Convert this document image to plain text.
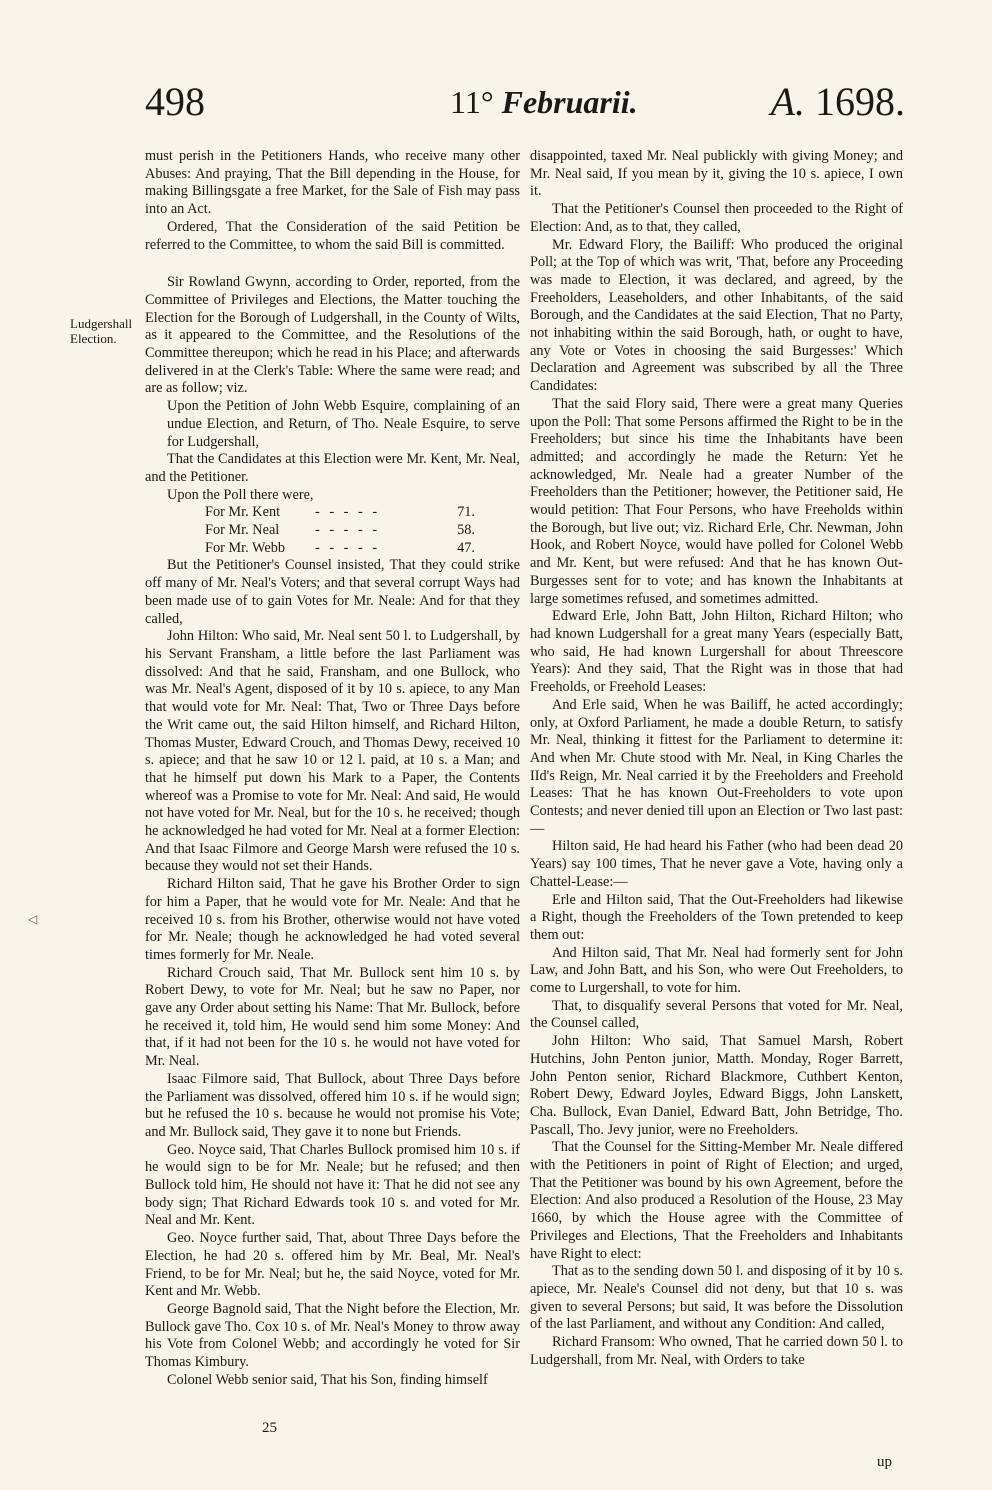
498	11° Februarii.	A. 1698.
Ludgershall Election.
◁

must perish in the Petitioners Hands, who receive many other Abuses: And praying, That the Bill depending in the House, for making Billingsgate a free Market, for the Sale of Fish may pass into an Act.

Ordered, That the Consideration of the said Petition be referred to the Committee, to whom the said Bill is committed.

Sir Rowland Gwynn, according to Order, reported, from the Committee of Privileges and Elections, the Matter touching the Election for the Borough of Ludgershall, in the County of Wilts, as it appeared to the Committee, and the Resolutions of the Committee thereupon; which he read in his Place; and afterwards delivered in at the Clerk's Table: Where the same were read; and are as follow; viz.

Upon the Petition of John Webb Esquire, complaining of an undue Election, and Return, of Tho. Neale Esquire, to serve for Ludgershall,

That the Candidates at this Election were Mr. Kent, Mr. Neal, and the Petitioner.

Upon the Poll there were,

For Mr. Kent	- - - - -	71.
For Mr. Neal	- - - - -	58.
For Mr. Webb	- - - - -	47.

But the Petitioner's Counsel insisted, That they could strike off many of Mr. Neal's Voters; and that several corrupt Ways had been made use of to gain Votes for Mr. Neale: And for that they called,

John Hilton: Who said, Mr. Neal sent 50 l. to Ludgershall, by his Servant Fransham, a little before the last Parliament was dissolved: And that he said, Fransham, and one Bullock, who was Mr. Neal's Agent, disposed of it by 10 s. apiece, to any Man that would vote for Mr. Neal: That, Two or Three Days before the Writ came out, the said Hilton himself, and Richard Hilton, Thomas Muster, Edward Crouch, and Thomas Dewy, received 10 s. apiece; and that he saw 10 or 12 l. paid, at 10 s. a Man; and that he himself put down his Mark to a Paper, the Contents whereof was a Promise to vote for Mr. Neal: And said, He would not have voted for Mr. Neal, but for the 10 s. he received; though he acknowledged he had voted for Mr. Neal at a former Election: And that Isaac Filmore and George Marsh were refused the 10 s. because they would not set their Hands.

Richard Hilton said, That he gave his Brother Order to sign for him a Paper, that he would vote for Mr. Neale: And that he received 10 s. from his Brother, otherwise would not have voted for Mr. Neale; though he acknowledged he had voted several times formerly for Mr. Neale.

Richard Crouch said, That Mr. Bullock sent him 10 s. by Robert Dewy, to vote for Mr. Neal; but he saw no Paper, nor gave any Order about setting his Name: That Mr. Bullock, before he received it, told him, He would send him some Money: And that, if it had not been for the 10 s. he would not have voted for Mr. Neal.

Isaac Filmore said, That Bullock, about Three Days before the Parliament was dissolved, offered him 10 s. if he would sign; but he refused the 10 s. because he would not promise his Vote; and Mr. Bullock said, They gave it to none but Friends.

Geo. Noyce said, That Charles Bullock promised him 10 s. if he would sign to be for Mr. Neale; but he refused; and then Bullock told him, He should not have it: That he did not see any body sign; That Richard Edwards took 10 s. and voted for Mr. Neal and Mr. Kent.

Geo. Noyce further said, That, about Three Days before the Election, he had 20 s. offered him by Mr. Beal, Mr. Neal's Friend, to be for Mr. Neal; but he, the said Noyce, voted for Mr. Kent and Mr. Webb.

George Bagnold said, That the Night before the Election, Mr. Bullock gave Tho. Cox 10 s. of Mr. Neal's Money to throw away his Vote from Colonel Webb; and accordingly he voted for Sir Thomas Kimbury.

Colonel Webb senior said, That his Son, finding himself

disappointed, taxed Mr. Neal publickly with giving Money; and Mr. Neal said, If you mean by it, giving the 10 s. apiece, I own it.

That the Petitioner's Counsel then proceeded to the Right of Election: And, as to that, they called,

Mr. Edward Flory, the Bailiff: Who produced the original Poll; at the Top of which was writ, 'That, before any Proceeding was made to Election, it was declared, and agreed, by the Freeholders, Leaseholders, and other Inhabitants, of the said Borough, and the Candidates at the said Election, That no Party, not inhabiting within the said Borough, hath, or ought to have, any Vote or Votes in choosing the said Burgesses:' Which Declaration and Agreement was subscribed by all the Three Candidates:

That the said Flory said, There were a great many Queries upon the Poll: That some Persons affirmed the Right to be in the Freeholders; but since his time the Inhabitants have been admitted; and accordingly he made the Return: Yet he acknowledged, Mr. Neale had a greater Number of the Freeholders than the Petitioner; however, the Petitioner said, He would petition: That Four Persons, who have Freeholds within the Borough, but live out; viz. Richard Erle, Chr. Newman, John Hook, and Robert Noyce, would have polled for Colonel Webb and Mr. Kent, but were refused: And that he has known Out-Burgesses sent for to vote; and has known the Inhabitants at large sometimes refused, and sometimes admitted.

Edward Erle, John Batt, John Hilton, Richard Hilton; who had known Ludgershall for a great many Years (especially Batt, who said, He had known Lurgershall for about Threescore Years): And they said, That the Right was in those that had Freeholds, or Freehold Leases:

And Erle said, When he was Bailiff, he acted accordingly; only, at Oxford Parliament, he made a double Return, to satisfy Mr. Neal, thinking it fittest for the Parliament to determine it: And when Mr. Chute stood with Mr. Neal, in King Charles the IId's Reign, Mr. Neal carried it by the Freeholders and Freehold Leases: That he has known Out-Freeholders to vote upon Contests; and never denied till upon an Election or Two last past:—

Hilton said, He had heard his Father (who had been dead 20 Years) say 100 times, That he never gave a Vote, having only a Chattel-Lease:—

Erle and Hilton said, That the Out-Freeholders had likewise a Right, though the Freeholders of the Town pretended to keep them out:

And Hilton said, That Mr. Neal had formerly sent for John Law, and John Batt, and his Son, who were Out Freeholders, to come to Lurgershall, to vote for him.

That, to disqualify several Persons that voted for Mr. Neal, the Counsel called,

John Hilton: Who said, That Samuel Marsh, Robert Hutchins, John Penton junior, Matth. Monday, Roger Barrett, John Penton senior, Richard Blackmore, Cuthbert Kenton, Robert Dewy, Edward Joyles, Edward Biggs, John Lanskett, Cha. Bullock, Evan Daniel, Edward Batt, John Betridge, Tho. Pascall, Tho. Jevy junior, were no Freeholders.

That the Counsel for the Sitting-Member Mr. Neale differed with the Petitioners in point of Right of Election; and urged, That the Petitioner was bound by his own Agreement, before the Election: And also produced a Resolution of the House, 23 May 1660, by which the House agree with the Committee of Privileges and Elections, That the Freeholders and Inhabitants have Right to elect:

That as to the sending down 50 l. and disposing of it by 10 s. apiece, Mr. Neale's Counsel did not deny, but that 10 s. was given to several Persons; but said, It was before the Dissolution of the last Parliament, and without any Condition: And called,

Richard Fransom: Who owned, That he carried down 50 l. to Ludgershall, from Mr. Neal, with Orders to take

25
up
